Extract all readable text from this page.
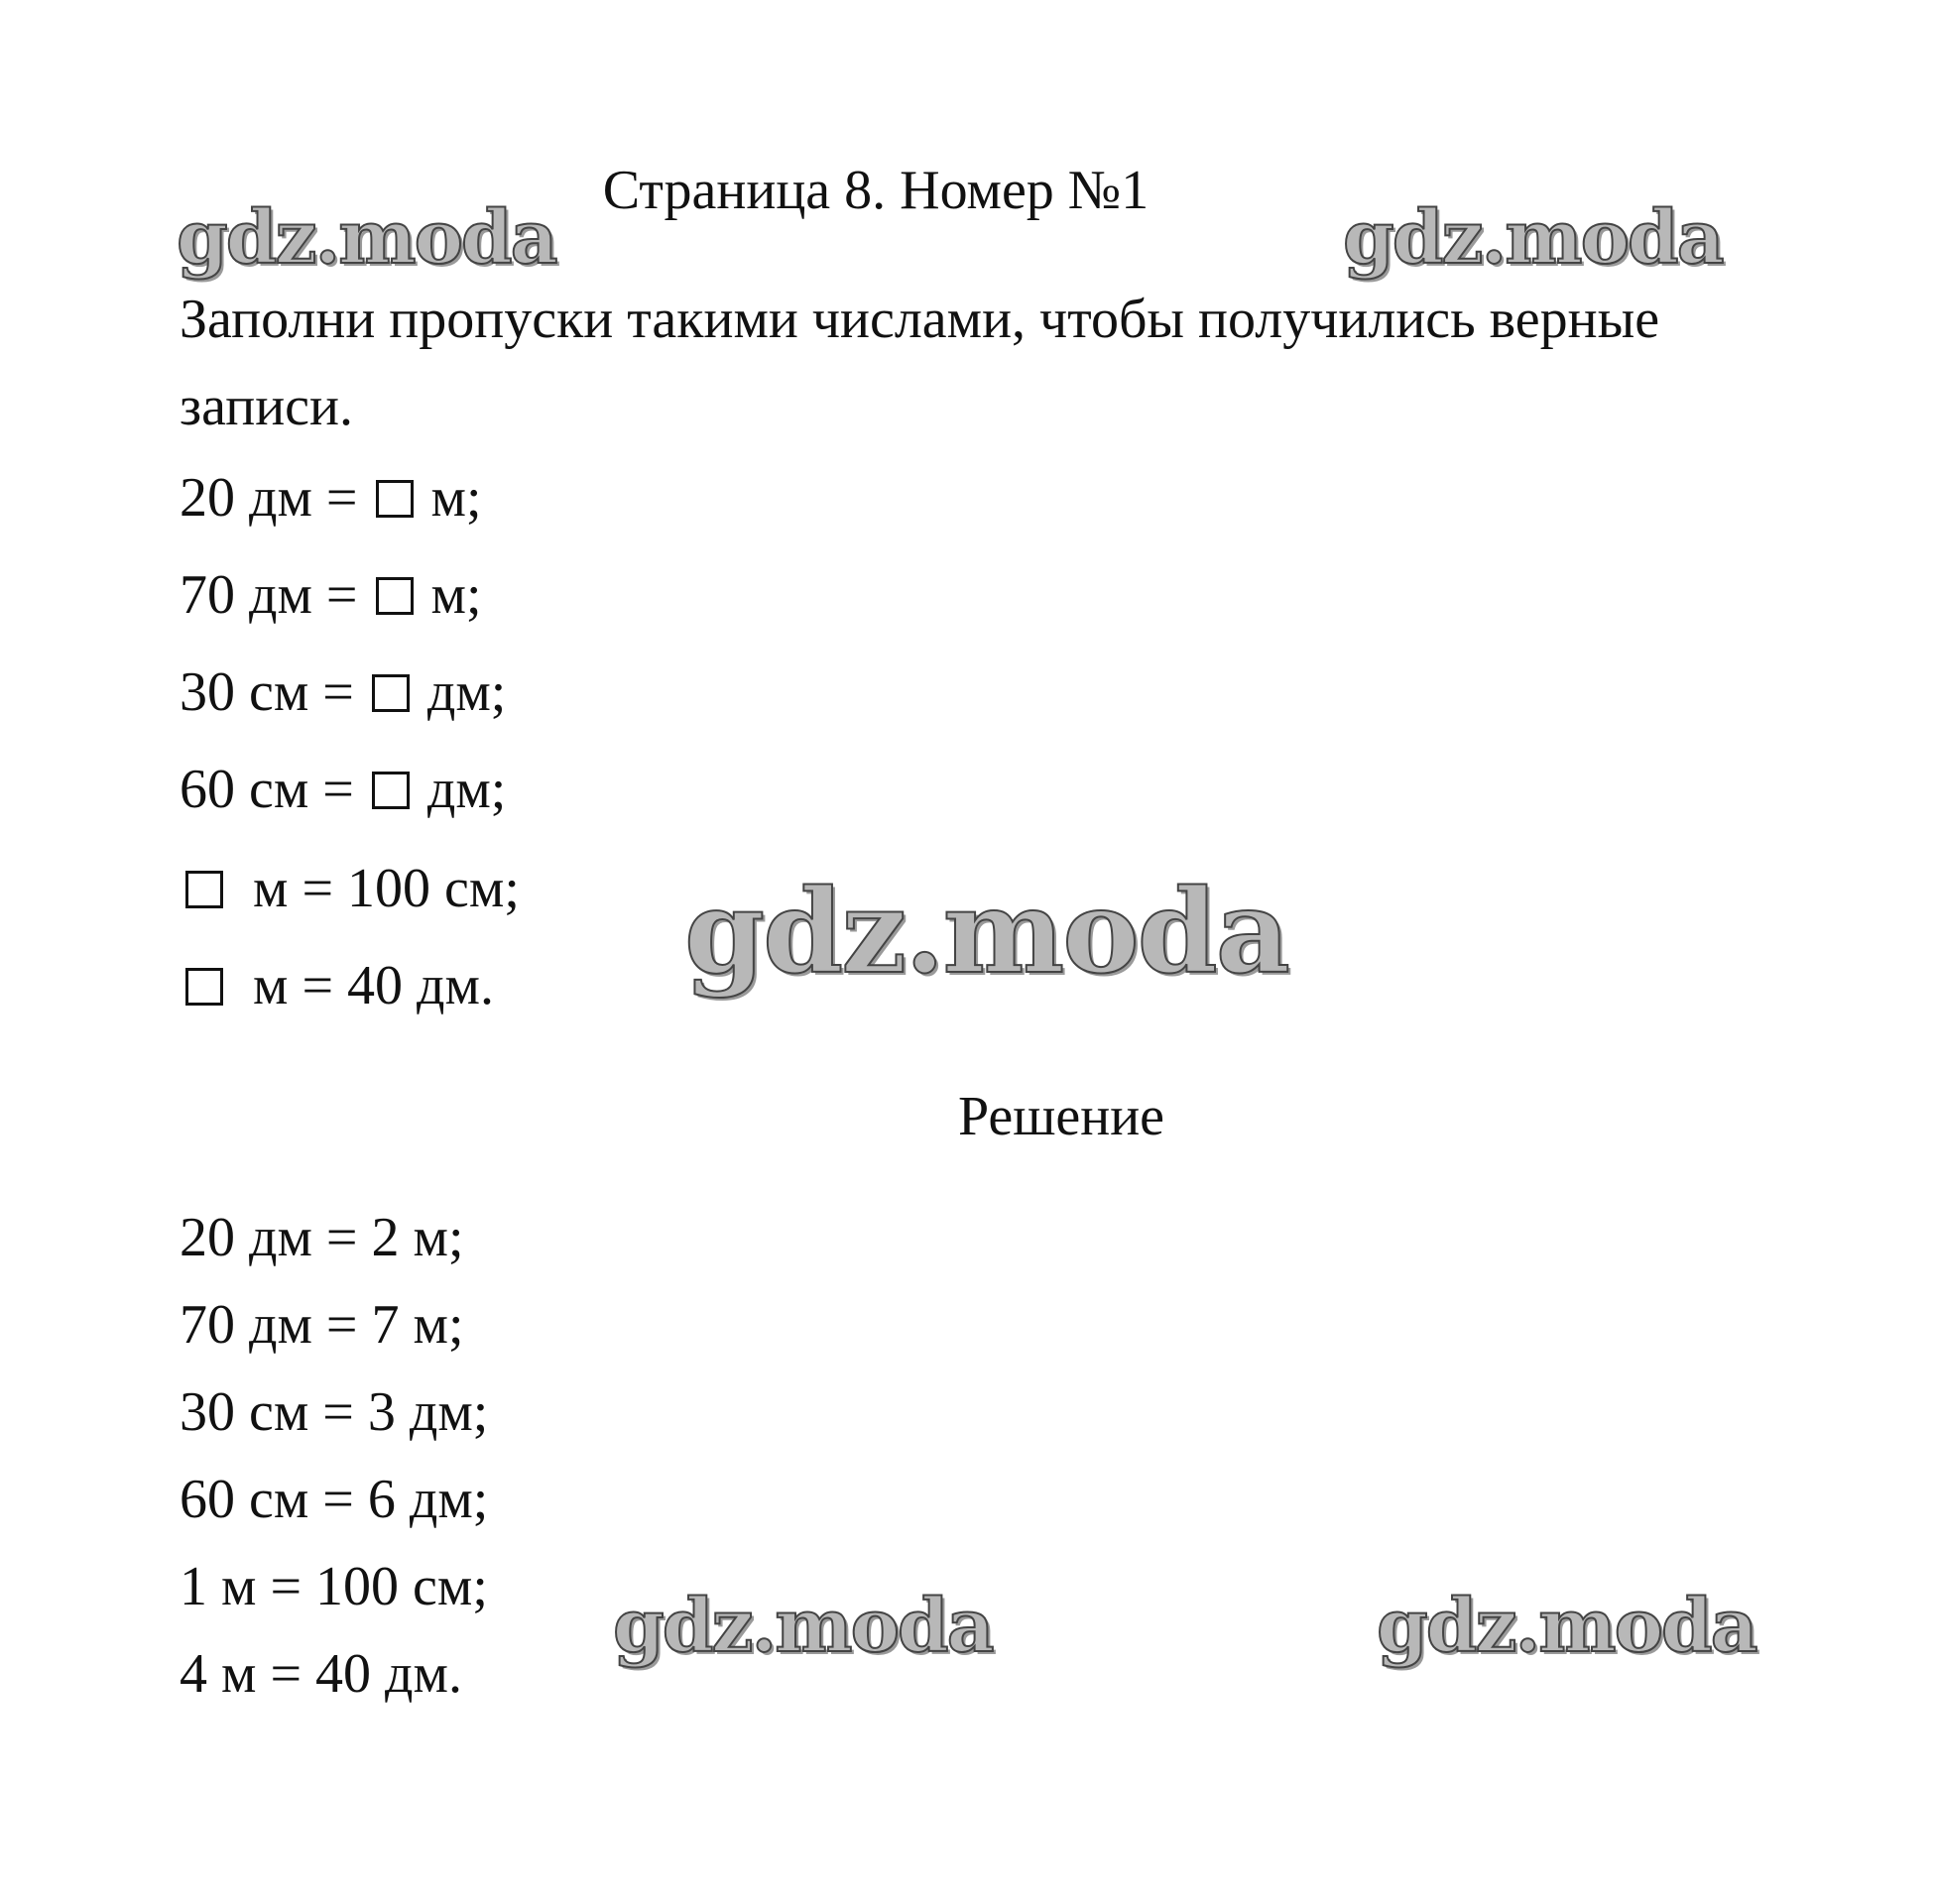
gdz.moda	gdz.moda
gdz.moda
gdz.moda	gdz.moda
Страница 8. Номер №1
Заполни пропуски такими числами, чтобы получились верные
записи.
20 дм = м;
70 дм = м;
30 см = дм;
60 см = дм;
м = 100 см;
м = 40 дм.
Решение
20 дм = 2 м;
70 дм = 7 м;
30 см = 3 дм;
60 см = 6 дм;
1 м = 100 см;
4 м = 40 дм.
